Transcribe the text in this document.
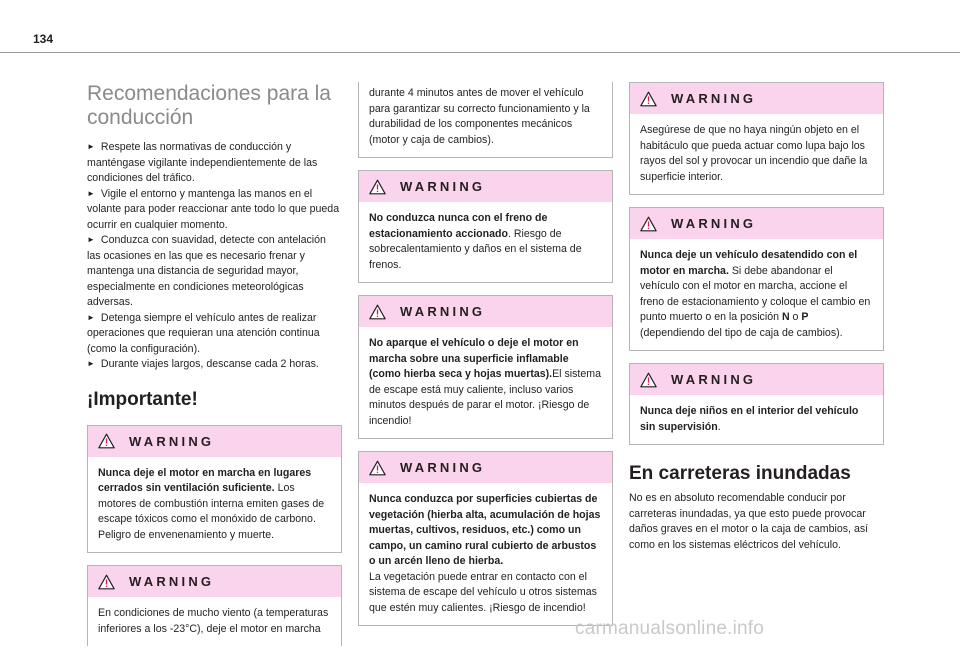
134
Recomendaciones para la conducción

► Respete las normativas de conducción y manténgase vigilante independientemente de las condiciones del tráfico.

► Vigile el entorno y mantenga las manos en el volante para poder reaccionar ante todo lo que pueda ocurrir en cualquier momento.

► Conduzca con suavidad, detecte con antelación las ocasiones en las que es necesario frenar y mantenga una distancia de seguridad mayor, especialmente en condiciones meteorológicas adversas.

► Detenga siempre el vehículo antes de realizar operaciones que requieran una atención continua (como la configuración).

► Durante viajes largos, descanse cada 2 horas.

¡Importante!
WARNING
Nunca deje el motor en marcha en lugares cerrados sin ventilación suficiente. Los motores de combustión interna emiten gases de escape tóxicos como el monóxido de carbono. Peligro de envenenamiento y muerte.
WARNING
En condiciones de mucho viento (a temperaturas inferiores a los -23°C), deje el motor en marcha
durante 4 minutos antes de mover el vehículo para garantizar su correcto funcionamiento y la durabilidad de los componentes mecánicos (motor y caja de cambios).
WARNING
No conduzca nunca con el freno de estacionamiento accionado. Riesgo de sobrecalentamiento y daños en el sistema de frenos.
WARNING
No aparque el vehículo o deje el motor en marcha sobre una superficie inflamable (como hierba seca y hojas muertas).El sistema de escape está muy caliente, incluso varios minutos después de parar el motor. ¡Riesgo de incendio!
WARNING
Nunca conduzca por superficies cubiertas de vegetación (hierba alta, acumulación de hojas muertas, cultivos, residuos, etc.) como un campo, un camino rural cubierto de arbustos o un arcén lleno de hierba.
La vegetación puede entrar en contacto con el sistema de escape del vehículo u otros sistemas que estén muy calientes. ¡Riesgo de incendio!
WARNING
Asegúrese de que no haya ningún objeto en el habitáculo que pueda actuar como lupa bajo los rayos del sol y provocar un incendio que dañe la superficie interior.
WARNING
Nunca deje un vehículo desatendido con el motor en marcha. Si debe abandonar el vehículo con el motor en marcha, accione el freno de estacionamiento y coloque el cambio en punto muerto o en la posición N o P (dependiendo del tipo de caja de cambios).
WARNING
Nunca deje niños en el interior del vehículo sin supervisión.
En carreteras inundadas

No es en absoluto recomendable conducir por carreteras inundadas, ya que esto puede provocar daños graves en el motor o la caja de cambios, así como en los sistemas eléctricos del vehículo.

carmanualsonline.info
